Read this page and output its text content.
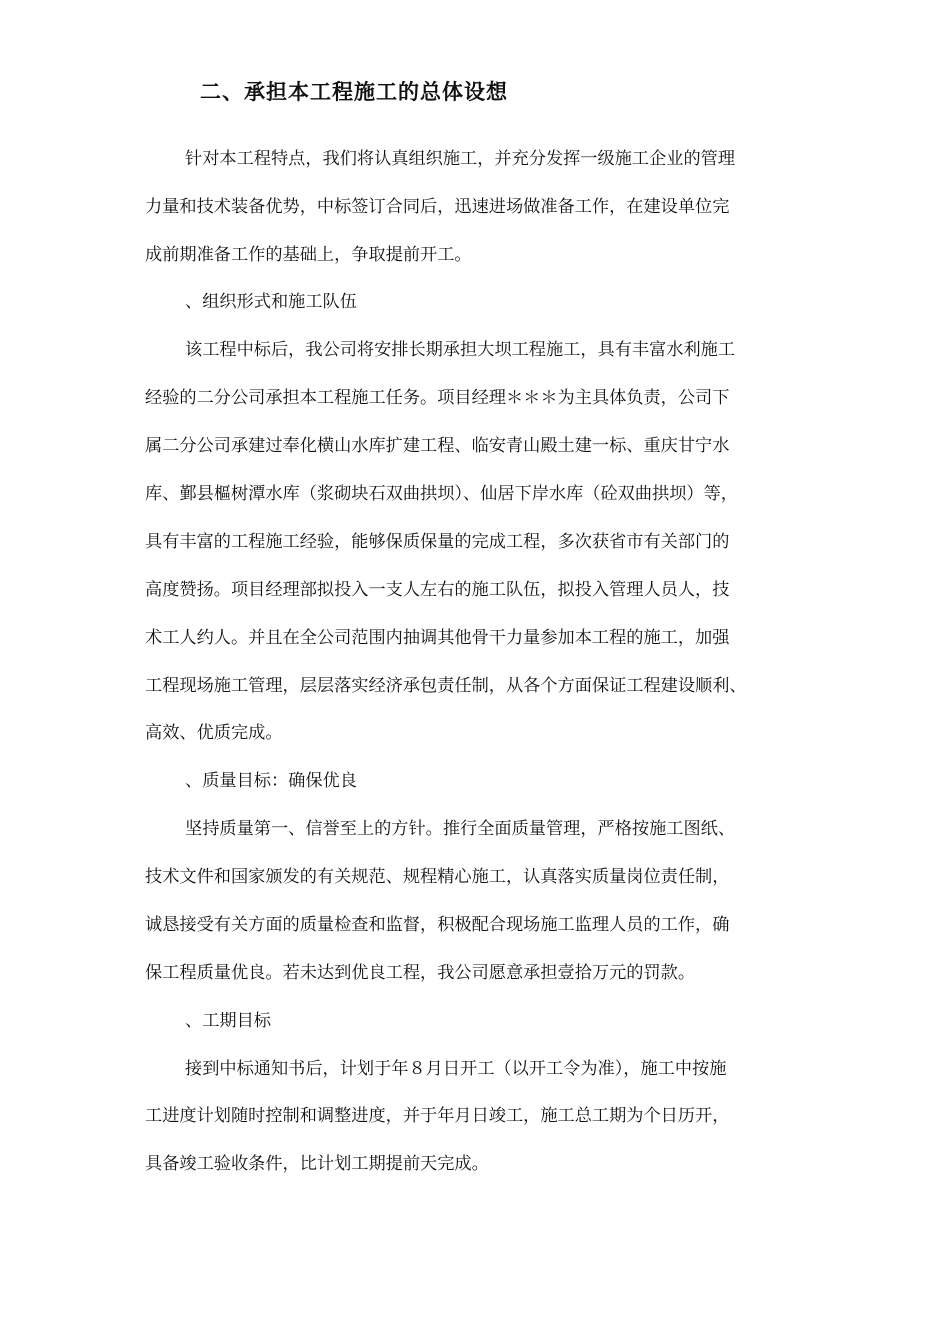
二、承担本工程施工的总体设想
针对本工程特点，我们将认真组织施工，并充分发挥一级施工企业的管理
力量和技术装备优势，中标签订合同后，迅速进场做准备工作，在建设单位完
成前期准备工作的基础上，争取提前开工。
、组织形式和施工队伍
该工程中标后，我公司将安排长期承担大坝工程施工，具有丰富水利施工
经验的二分公司承担本工程施工任务。项目经理＊＊＊为主具体负责，公司下
属二分公司承建过奉化横山水库扩建工程、临安青山殿土建一标、重庆甘宁水
库、鄞县樞树潭水库（浆砌块石双曲拱坝）、仙居下岸水库（砼双曲拱坝）等，
具有丰富的工程施工经验，能够保质保量的完成工程，多次获省市有关部门的
高度赞扬。项目经理部拟投入一支人左右的施工队伍，拟投入管理人员人，技
术工人约人。并且在全公司范围内抽调其他骨干力量参加本工程的施工，加强
工程现场施工管理，层层落实经济承包责任制，从各个方面保证工程建设顺利、
高效、优质完成。
、质量目标：确保优良
坚持质量第一、信誉至上的方针。推行全面质量管理，严格按施工图纸、
技术文件和国家颁发的有关规范、规程精心施工，认真落实质量岗位责任制，
诚恳接受有关方面的质量检查和监督，积极配合现场施工监理人员的工作，确
保工程质量优良。若未达到优良工程，我公司愿意承担壹拾万元的罚款。
、工期目标
接到中标通知书后，计划于年８月日开工（以开工令为准），施工中按施
工进度计划随时控制和调整进度，并于年月日竣工，施工总工期为个日历开，
具备竣工验收条件，比计划工期提前天完成。
